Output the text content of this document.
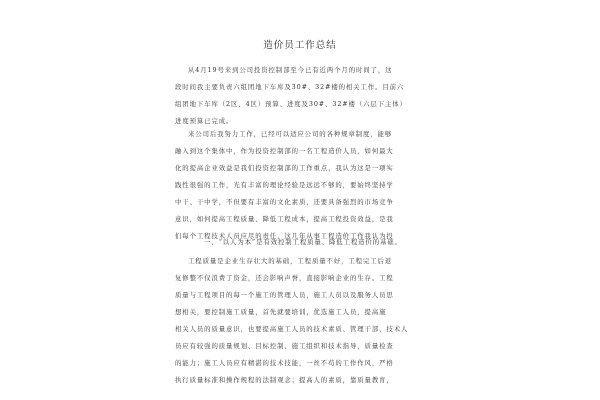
造价员工作总结
从4月19号来到公司投资控制部至今已有近两个月的时间了，这
段时间我主要负责六组团地下车库及30#、32#楼的相关工作。目前六
组团地下车库（2区、4区）预算、进度及30#、32#楼（六层下主体）
进度预算已完成。
来公司后我努力工作，已经可以适应公司的各种规章制度，能够
融入到这个集体中，作为投资控制部的一名工程造价人员，如何最大
化的提高企业效益是我们投资控制部的工作重点，我认为这是一项实
践性很强的工作，光有丰富的理论经验是远远不够的，要始终坚持学
中干、干中学，不但要有丰富的文化素质，还要具备强烈的市场竞争
意识，如何提高工程质量、降低工程成本，提高工程投资效益，是我
们每个工程技术人员应尽的责任，这几年从事工程造价工作我认为投
一、“以人为本”是有效控制工程质量、降低工程造价的基础。
工程质量是企业生存壮大的基础，工程质量不好，工程完工后返
复修整不仅浪费了资金，还会影响声誉，直接影响企业的生存。工程
质量与工程项目的每一个施工的管理人员，施工人员以及服务人员思
想相关，要控制施工质量，首先就要培训，优选施工人员，提高施
相关人员的质量意识，也要提高施工人员的技术素质、管理干部，技术人
员应有较强的质量规划、目标控制、施工组织和技术指导，质量检查
的能力；施工人员应有精湛的技术技能，一丝不苟的工作作风，严格
执行质量标准和操作规程的法制观念；提高人的素质，靠质量教育，
